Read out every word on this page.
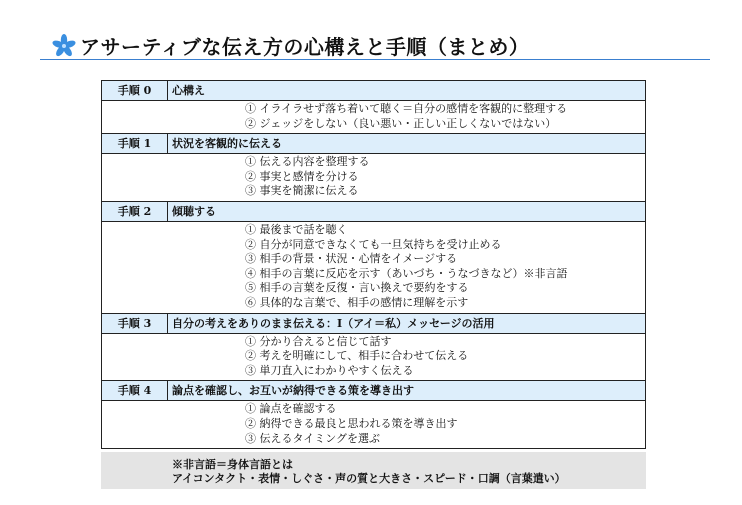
アサーティブな伝え方の心構えと手順（まとめ）
手順 0	心構え
① イライラせず落ち着いて聴く＝自分の感情を客観的に整理する
② ジェッジをしない（良い悪い・正しい正しくないではない）
手順 1	状況を客観的に伝える
① 伝える内容を整理する
② 事実と感情を分ける
③ 事実を簡潔に伝える
手順 2	傾聴する
① 最後まで話を聴く
② 自分が同意できなくても一旦気持ちを受け止める
③ 相手の背景・状況・心情をイメージする
④ 相手の言葉に反応を示す（あいづち・うなづきなど）※非言語
⑤ 相手の言葉を反復・言い換えで要約をする
⑥ 具体的な言葉で、相手の感情に理解を示す
手順 3	自分の考えをありのまま伝える：I（アイ＝私）メッセージの活用
① 分かり合えると信じて話す
② 考えを明確にして、相手に合わせて伝える
③ 単刀直入にわかりやすく伝える
手順 4	論点を確認し、お互いが納得できる策を導き出す
① 論点を確認する
② 納得できる最良と思われる策を導き出す
③ 伝えるタイミングを選ぶ
※非言語＝身体言語とは
アイコンタクト・表情・しぐさ・声の質と大きさ・スピード・口調（言葉遣い）
